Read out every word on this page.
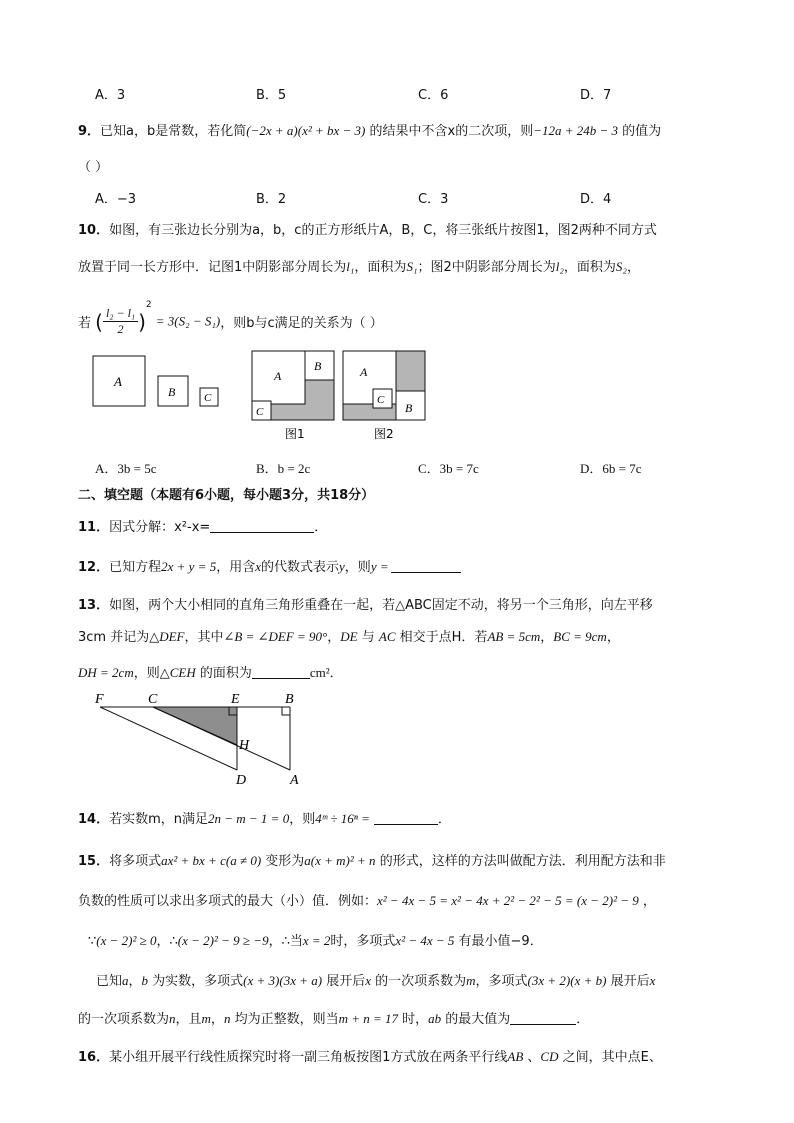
A．3	B．5	C．6	D．7
9．已知a，b是常数，若化简(−2x + a)(x² + bx − 3) 的结果中不含x的二次项，则−12a + 24b − 3 的值为
（ ）
A．−3	B．2	C．3	D．4
10．如图，有三张边长分别为a，b，c的正方形纸片A，B，C，将三张纸片按图1，图2两种不同方式
放置于同一长方形中．记图1中阴影部分周长为l₁，面积为S₁；图2中阴影部分周长为l₂，面积为S₂，
若 ( $\frac{\text{l₂ − l₁}}{2} )^2 = 3(S_2 - S_1)$，则b与c满足的关系为（ ）
A
B	C
A
B
C
图1
A
B
C
图2
A．3b = 5c	B．b = 2c	C．3b = 7c	D．6b = 7c
二、填空题（本题有6小题，每小题3分，共18分）
11．因式分解：x²-x=	．
12．已知方程2x + y = 5，用含x的代数式表示y，则y =
13．如图，两个大小相同的直角三角形重叠在一起，若△ABC固定不动，将另一个三角形，向左平移
3cm 并记为△DEF，其中∠B = ∠DEF = 90°，DE 与 AC 相交于点H．若AB = 5cm，BC = 9cm，
DH = 2cm，则△CEH 的面积为	cm²．
F	C	E	B
H
D	A
14．若实数m，n满足2n − m − 1 = 0，则4ᵐ ÷ 16ⁿ =	．
15．将多项式ax² + bx + c(a ≠ 0) 变形为a(x + m)² + n 的形式，这样的方法叫做配方法．利用配方法和非
负数的性质可以求出多项式的最大（小）值．例如：x² − 4x − 5 = x² − 4x + 2² − 2² − 5 = (x − 2)² − 9 ，
∵(x − 2)² ≥ 0，∴(x − 2)² − 9 ≥ −9，∴当x = 2时，多项式x² − 4x − 5 有最小值−9．
已知a，b 为实数，多项式(x + 3)(3x + a) 展开后x 的一次项系数为m，多项式(3x + 2)(x + b) 展开后x
的一次项系数为n，且m，n 均为正整数，则当m + n = 17 时，ab 的最大值为	．
16．某小组开展平行线性质探究时将一副三角板按图1方式放在两条平行线AB 、CD 之间，其中点E、
